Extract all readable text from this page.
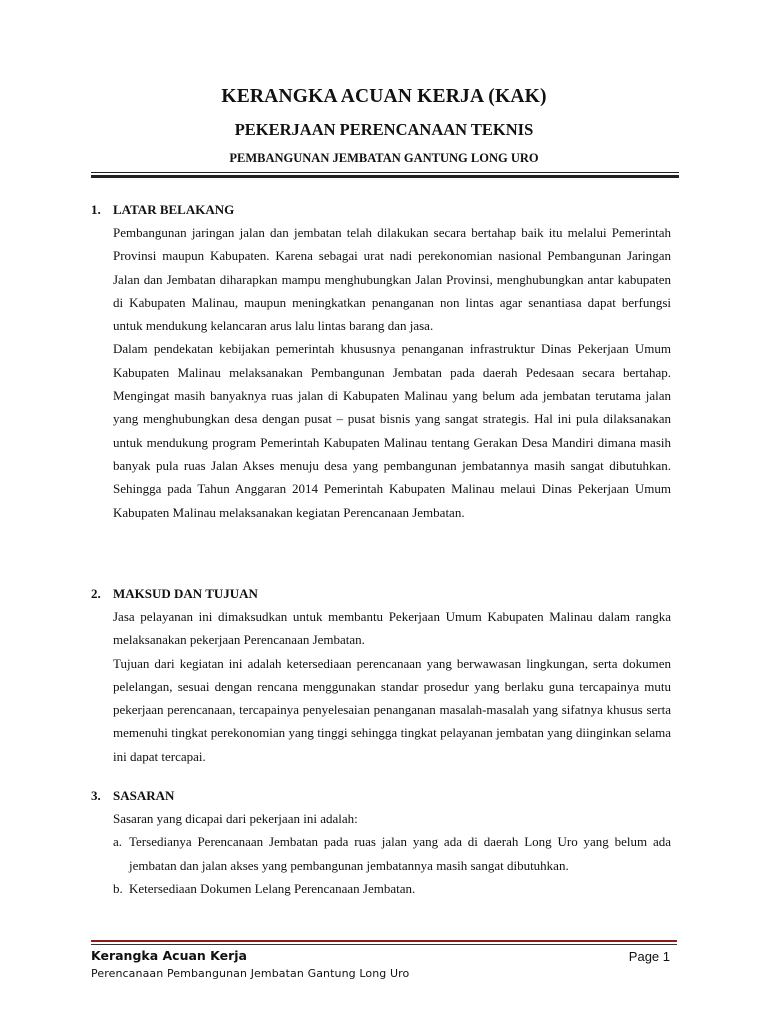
KERANGKA ACUAN KERJA (KAK)
PEKERJAAN PERENCANAAN TEKNIS
PEMBANGUNAN JEMBATAN GANTUNG LONG URO
1. LATAR BELAKANG
Pembangunan jaringan jalan dan jembatan telah dilakukan secara bertahap baik itu melalui Pemerintah Provinsi maupun Kabupaten. Karena sebagai urat nadi perekonomian nasional Pembangunan Jaringan Jalan dan Jembatan diharapkan mampu menghubungkan Jalan Provinsi, menghubungkan antar kabupaten di Kabupaten Malinau, maupun meningkatkan penanganan non lintas agar senantiasa dapat berfungsi untuk mendukung kelancaran arus lalu lintas barang dan jasa.
Dalam pendekatan kebijakan pemerintah khususnya penanganan infrastruktur Dinas Pekerjaan Umum Kabupaten Malinau melaksanakan Pembangunan Jembatan pada daerah Pedesaan secara bertahap. Mengingat masih banyaknya ruas jalan di Kabupaten Malinau yang belum ada jembatan terutama jalan yang menghubungkan desa dengan pusat – pusat bisnis yang sangat strategis. Hal ini pula dilaksanakan untuk mendukung program Pemerintah Kabupaten Malinau tentang Gerakan Desa Mandiri dimana masih banyak pula ruas Jalan Akses menuju desa yang pembangunan jembatannya masih sangat dibutuhkan. Sehingga pada Tahun Anggaran 2014 Pemerintah Kabupaten Malinau melaui Dinas Pekerjaan Umum Kabupaten Malinau melaksanakan kegiatan Perencanaan Jembatan.
2. MAKSUD DAN TUJUAN
Jasa pelayanan ini dimaksudkan untuk membantu Pekerjaan Umum Kabupaten Malinau dalam rangka melaksanakan pekerjaan Perencanaan Jembatan.
Tujuan dari kegiatan ini adalah ketersediaan perencanaan yang berwawasan lingkungan, serta dokumen pelelangan, sesuai dengan rencana menggunakan standar prosedur yang berlaku guna tercapainya mutu pekerjaan perencanaan, tercapainya penyelesaian penanganan masalah-masalah yang sifatnya khusus serta memenuhi tingkat perekonomian yang tinggi sehingga tingkat pelayanan jembatan yang diinginkan selama ini dapat tercapai.
3. SASARAN
Sasaran yang dicapai dari pekerjaan ini adalah:
a. Tersedianya Perencanaan Jembatan pada ruas jalan yang ada di daerah Long Uro yang belum ada jembatan dan jalan akses yang pembangunan jembatannya masih sangat dibutuhkan.
b. Ketersediaan Dokumen Lelang Perencanaan Jembatan.
Kerangka Acuan Kerja
Perencanaan Pembangunan Jembatan Gantung Long Uro
Page 1
